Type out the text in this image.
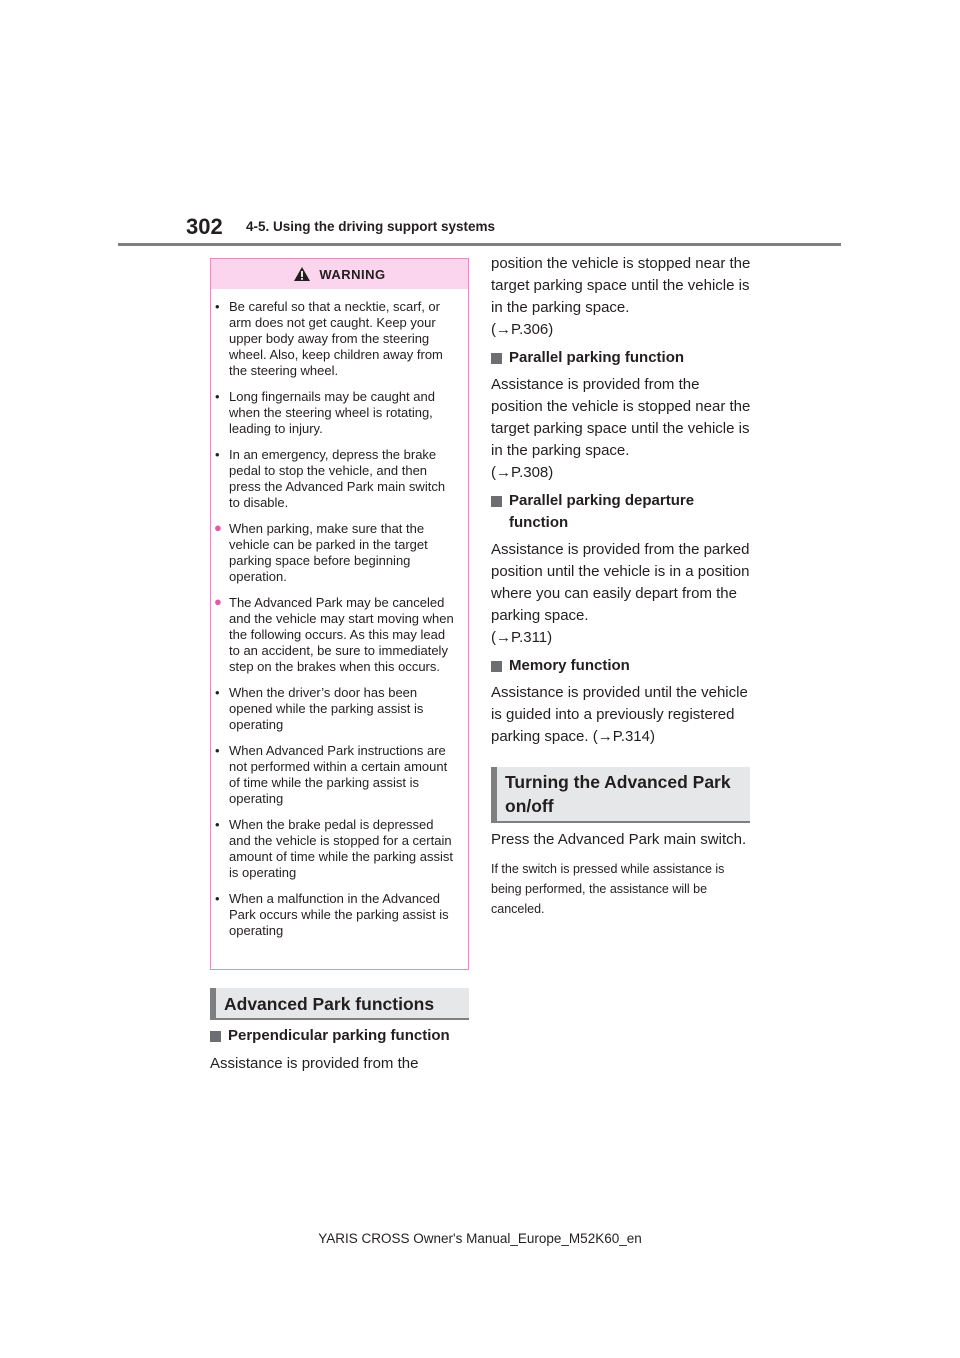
302 4-5. Using the driving support systems
WARNING
• Be careful so that a necktie, scarf, or arm does not get caught. Keep your upper body away from the steering wheel. Also, keep children away from the steering wheel.
• Long fingernails may be caught and when the steering wheel is rotating, leading to injury.
• In an emergency, depress the brake pedal to stop the vehicle, and then press the Advanced Park main switch to disable.
● When parking, make sure that the vehicle can be parked in the target parking space before beginning operation.
● The Advanced Park may be canceled and the vehicle may start moving when the following occurs. As this may lead to an accident, be sure to immediately step on the brakes when this occurs.
• When the driver’s door has been opened while the parking assist is operating
• When Advanced Park instructions are not performed within a certain amount of time while the parking assist is operating
• When the brake pedal is depressed and the vehicle is stopped for a certain amount of time while the parking assist is operating
• When a malfunction in the Advanced Park occurs while the parking assist is operating
Advanced Park functions
Perpendicular parking function
Assistance is provided from the
position the vehicle is stopped near the target parking space until the vehicle is in the parking space.
(→P.306)
Parallel parking function
Assistance is provided from the position the vehicle is stopped near the target parking space until the vehicle is in the parking space.
(→P.308)
Parallel parking departure function
Assistance is provided from the parked position until the vehicle is in a position where you can easily depart from the parking space.
(→P.311)
Memory function
Assistance is provided until the vehicle is guided into a previously registered parking space. (→P.314)
Turning the Advanced Park on/off
Press the Advanced Park main switch.
If the switch is pressed while assistance is being performed, the assistance will be canceled.
YARIS CROSS Owner's Manual_Europe_M52K60_en
